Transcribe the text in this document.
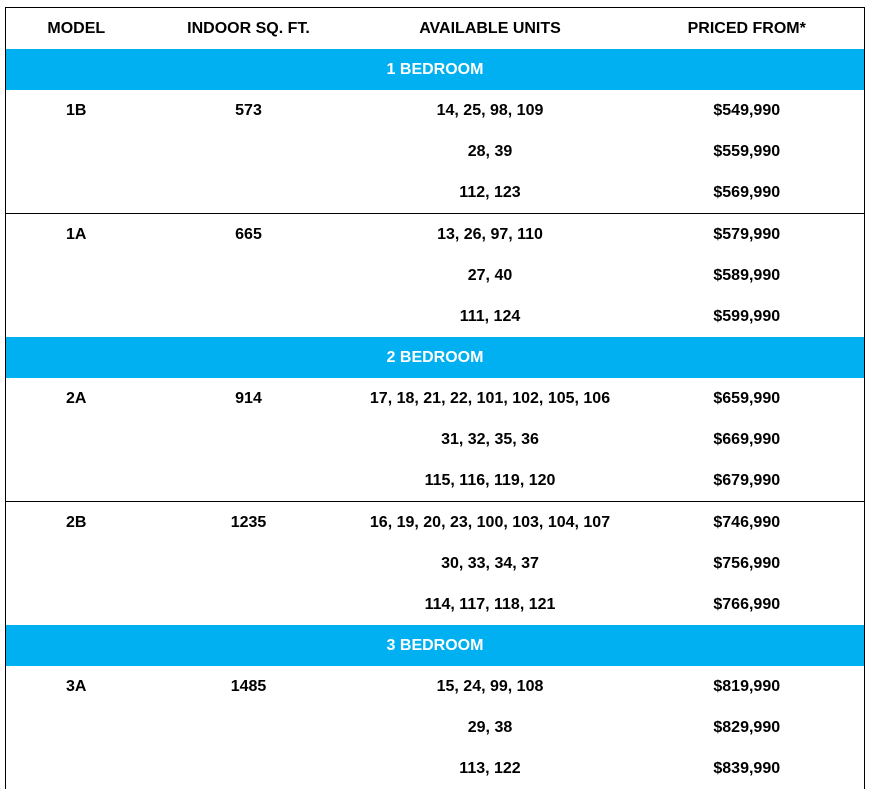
MODEL	INDOOR SQ. FT.	AVAILABLE UNITS	PRICED FROM*
1 BEDROOM			
1B	573	14, 25, 98, 109	$549,990
		28, 39	$559,990
		112, 123	$569,990
1A	665	13, 26, 97, 110	$579,990
		27, 40	$589,990
		111, 124	$599,990
2 BEDROOM			
2A	914	17, 18, 21, 22, 101, 102, 105, 106	$659,990
		31, 32, 35, 36	$669,990
		115, 116, 119, 120	$679,990
2B	1235	16, 19, 20, 23, 100, 103, 104, 107	$746,990
		30, 33, 34, 37	$756,990
		114, 117, 118, 121	$766,990
3 BEDROOM			
3A	1485	15, 24, 99, 108	$819,990
		29, 38	$829,990
		113, 122	$839,990
